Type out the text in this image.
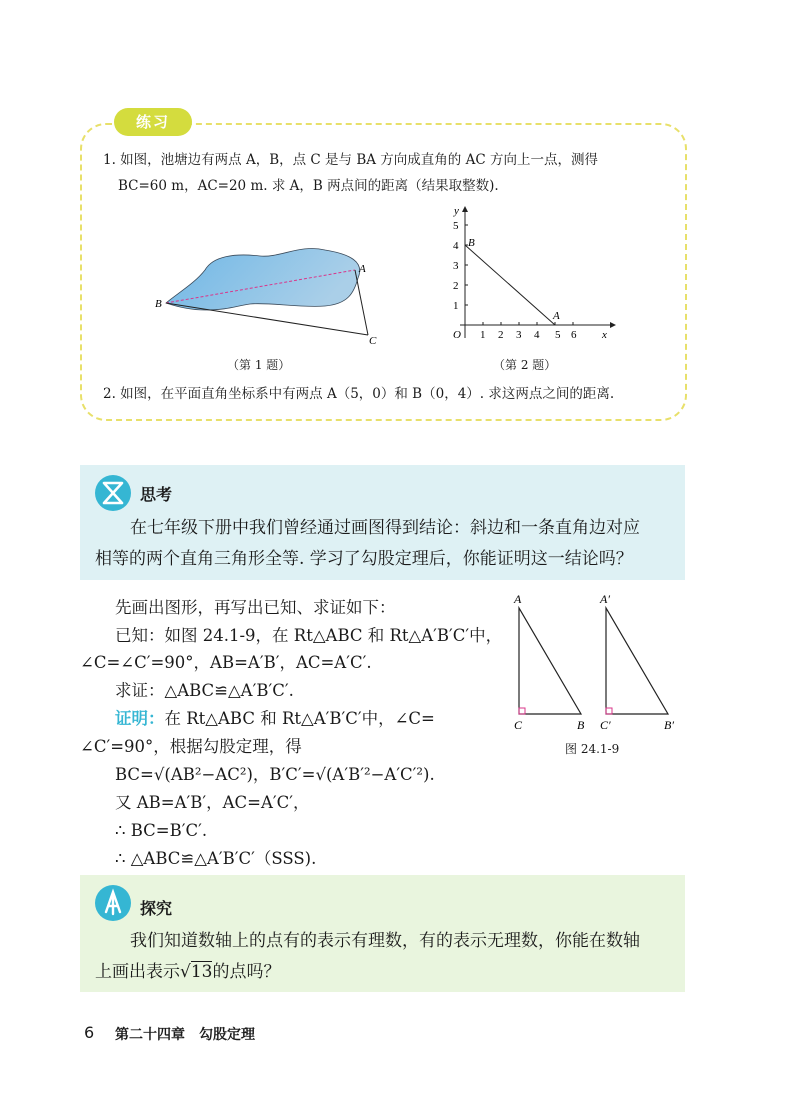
练习
1. 如图，池塘边有两点 A，B，点 C 是与 BA 方向成直角的 AC 方向上一点，测得
BC=60 m，AC=20 m. 求 A，B 两点间的距离（结果取整数).
A
B
C
（第 1 题）
1 2 3 4 5 6
1
2
3
4
5
O	x
y
B
A
（第 2 题）
2. 如图，在平面直角坐标系中有两点 A（5，0）和 B（0，4）. 求这两点之间的距离.
思考
在七年级下册中我们曾经通过画图得到结论：斜边和一条直角边对应
相等的两个直角三角形全等. 学习了勾股定理后，你能证明这一结论吗？
先画出图形，再写出已知、求证如下：
已知：如图 24.1-9，在 Rt△ABC 和 Rt△A′B′C′中，
∠C=∠C′=90°，AB=A′B′，AC=A′C′.
求证：△ABC≌△A′B′C′.
证明：在 Rt△ABC 和 Rt△A′B′C′中，∠C=
∠C′=90°，根据勾股定理，得
BC=√(AB²−AC²)，B′C′=√(A′B′²−A′C′²).
又 AB=A′B′，AC=A′C′，
∴ BC=B′C′.
∴ △ABC≌△A′B′C′（SSS).
A
C	B
A′
C′	B′
图 24.1-9
探究
我们知道数轴上的点有的表示有理数，有的表示无理数，你能在数轴
上画出表示√13的点吗？
6 第二十四章　勾股定理
